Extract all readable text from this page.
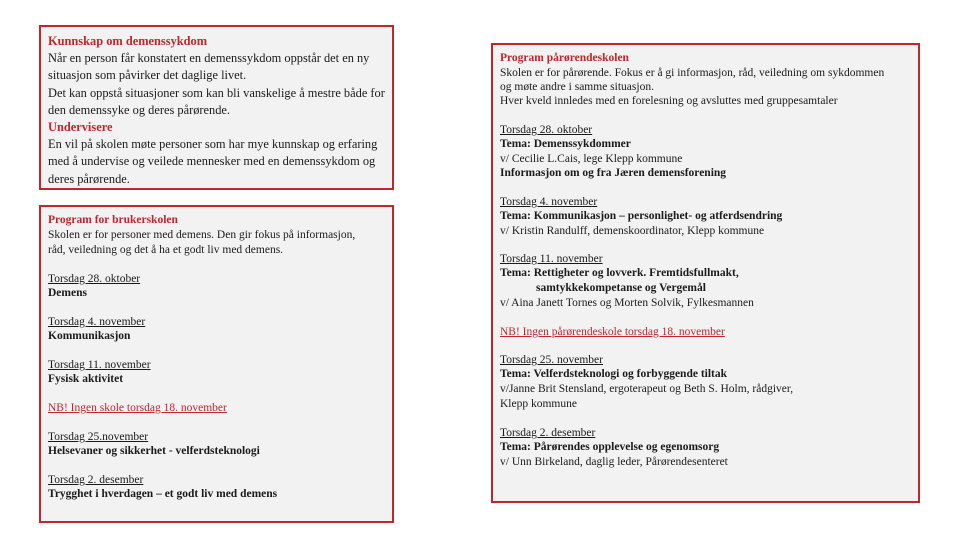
Kunnskap om demenssykdom
Når en person får konstatert en demenssykdom oppstår det en ny
situasjon som påvirker det daglige livet.
Det kan oppstå situasjoner som kan bli vanskelige å mestre både for
den demenssyke og deres pårørende.
Undervisere
En vil på skolen møte personer som har mye kunnskap og erfaring
med å undervise og veilede mennesker med en demenssykdom og
deres pårørende.
Program for brukerskolen
Skolen er for personer med demens. Den gir fokus på informasjon,
råd, veiledning og det å ha et godt liv med demens.
Torsdag 28. oktober
Demens
Torsdag 4. november
Kommunikasjon
Torsdag 11. november
Fysisk aktivitet
NB! Ingen skole torsdag 18. november
Torsdag 25.november
Helsevaner og sikkerhet - velferdsteknologi
Torsdag 2. desember
Trygghet i hverdagen – et godt liv med demens
Program pårørendeskolen
Skolen er for pårørende. Fokus er å gi informasjon, råd, veiledning om sykdommen
og møte andre i samme situasjon.
Hver kveld innledes med en forelesning og avsluttes med gruppesamtaler
Torsdag 28. oktober
Tema: Demenssykdommer
v/ Cecilie L.Cais, lege Klepp kommune
Informasjon om og fra Jæren demensforening
Torsdag 4. november
Tema: Kommunikasjon – personlighet- og atferdsendring
v/ Kristin Randulff, demenskoordinator, Klepp kommune
Torsdag 11. november
Tema: Rettigheter og lovverk. Fremtidsfullmakt,
samtykkekompetanse og Vergemål
v/ Aina Janett Tornes og Morten Solvik, Fylkesmannen
NB! Ingen pårørendeskole torsdag 18. november
Torsdag 25. november
Tema: Velferdsteknologi og forbyggende tiltak
v/Janne Brit Stensland, ergoterapeut og Beth S. Holm, rådgiver,
Klepp kommune
Torsdag 2. desember
Tema: Pårørendes opplevelse og egenomsorg
v/ Unn Birkeland, daglig leder, Pårørendesenteret
